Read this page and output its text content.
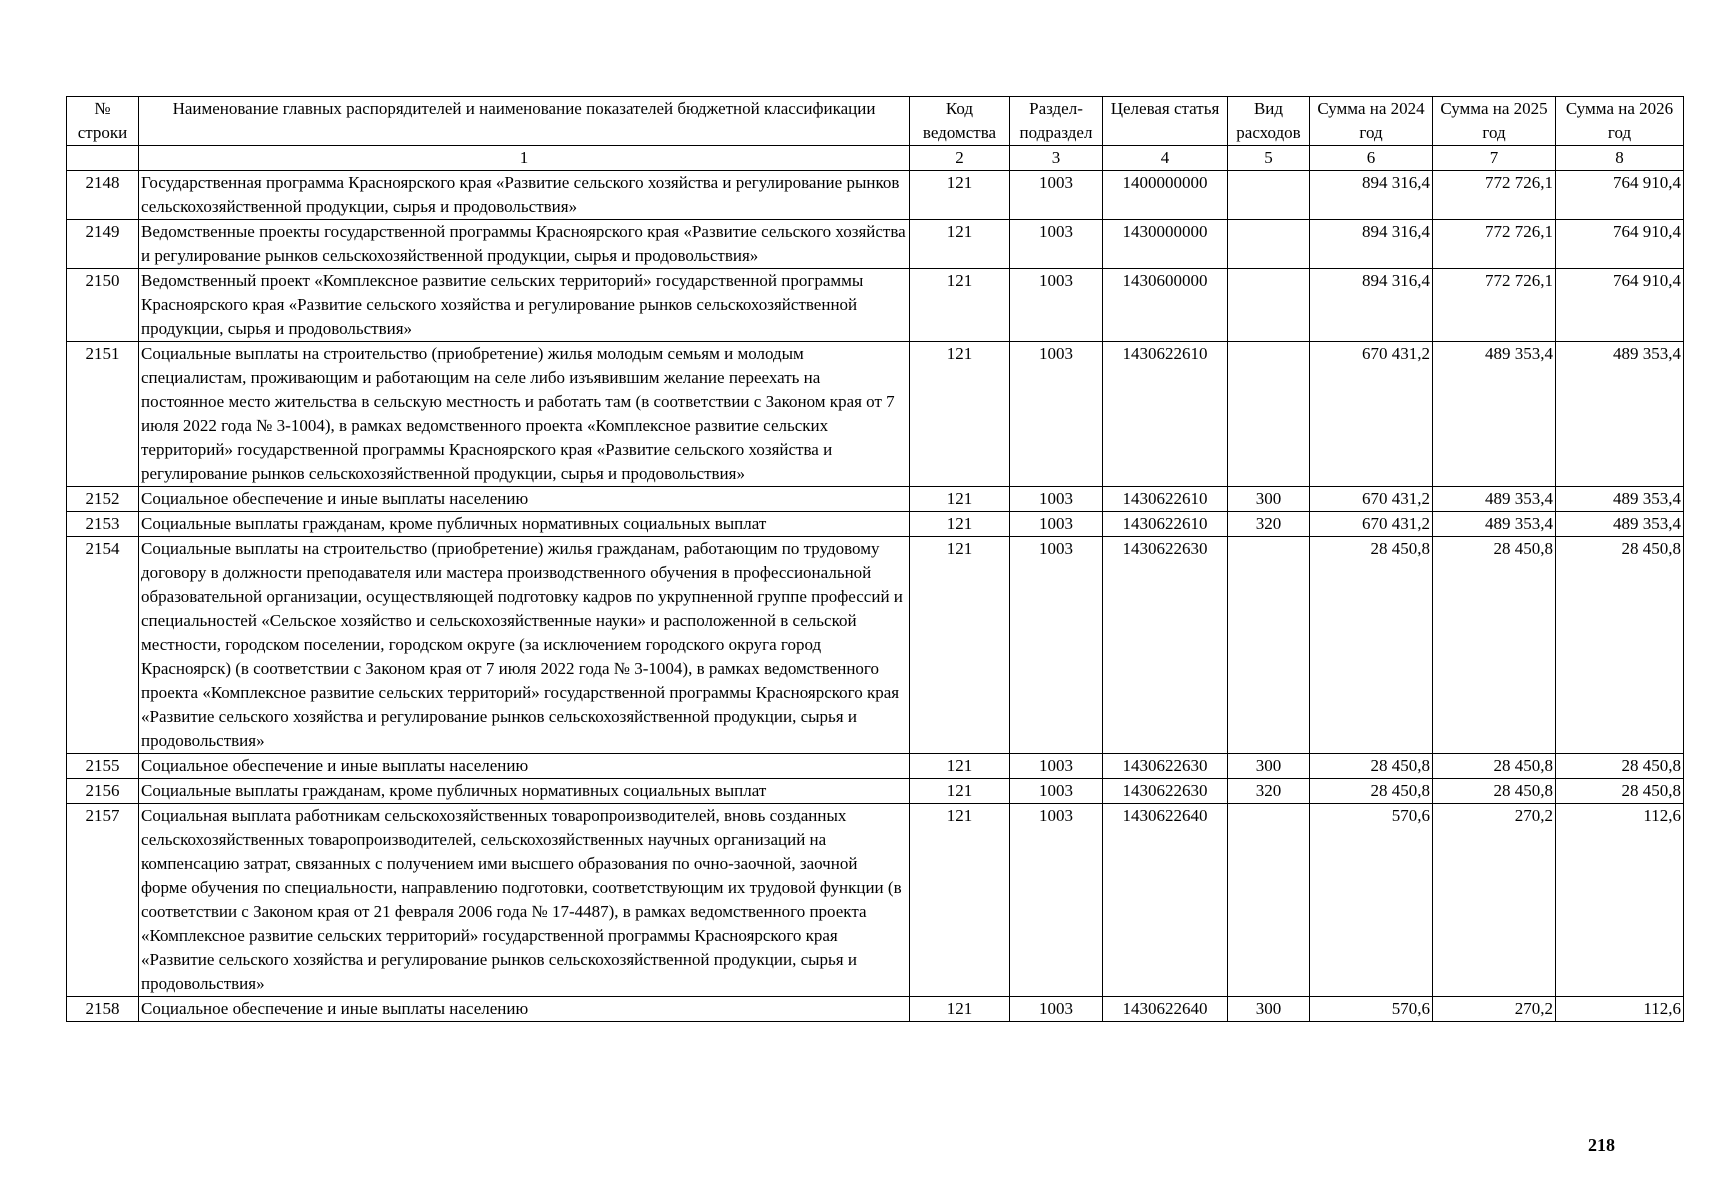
№ строки	Наименование главных распорядителей и наименование показателей бюджетной классификации	Код ведомства	Раздел-подраздел	Целевая статья	Вид расходов	Сумма на 2024 год	Сумма на 2025 год	Сумма на 2026 год
	1	2	3	4	5	6	7	8
2148	Государственная программа Красноярского края «Развитие сельского хозяйства и регулирование рынков сельскохозяйственной продукции, сырья и продовольствия»	121	1003	1400000000		894 316,4	772 726,1	764 910,4
2149	Ведомственные проекты государственной программы Красноярского края «Развитие сельского хозяйства и регулирование рынков сельскохозяйственной продукции, сырья и продовольствия»	121	1003	1430000000		894 316,4	772 726,1	764 910,4
2150	Ведомственный проект «Комплексное развитие сельских территорий» государственной программы Красноярского края «Развитие сельского хозяйства и регулирование рынков сельскохозяйственной продукции, сырья и продовольствия»	121	1003	1430600000		894 316,4	772 726,1	764 910,4
2151	Социальные выплаты на строительство (приобретение) жилья молодым семьям и молодым специалистам, проживающим и работающим на селе либо изъявившим желание переехать на постоянное место жительства в сельскую местность и работать там (в соответствии с Законом края от 7 июля 2022 года № 3-1004), в рамках ведомственного проекта «Комплексное развитие сельских территорий» государственной программы Красноярского края «Развитие сельского хозяйства и регулирование рынков сельскохозяйственной продукции, сырья и продовольствия»	121	1003	1430622610		670 431,2	489 353,4	489 353,4
2152	Социальное обеспечение и иные выплаты населению	121	1003	1430622610	300	670 431,2	489 353,4	489 353,4
2153	Социальные выплаты гражданам, кроме публичных нормативных социальных выплат	121	1003	1430622610	320	670 431,2	489 353,4	489 353,4
2154	Социальные выплаты на строительство (приобретение) жилья гражданам, работающим по трудовому договору в должности преподавателя или мастера производственного обучения в профессиональной образовательной организации, осуществляющей подготовку кадров по укрупненной группе профессий и специальностей «Сельское хозяйство и сельскохозяйственные науки» и расположенной в сельской местности, городском поселении, городском округе (за исключением городского округа город Красноярск) (в соответствии с Законом края от 7 июля 2022 года № 3-1004), в рамках ведомственного проекта «Комплексное развитие сельских территорий» государственной программы Красноярского края «Развитие сельского хозяйства и регулирование рынков сельскохозяйственной продукции, сырья и продовольствия»	121	1003	1430622630		28 450,8	28 450,8	28 450,8
2155	Социальное обеспечение и иные выплаты населению	121	1003	1430622630	300	28 450,8	28 450,8	28 450,8
2156	Социальные выплаты гражданам, кроме публичных нормативных социальных выплат	121	1003	1430622630	320	28 450,8	28 450,8	28 450,8
2157	Социальная выплата работникам сельскохозяйственных товаропроизводителей, вновь созданных сельскохозяйственных товаропроизводителей, сельскохозяйственных научных организаций на компенсацию затрат, связанных с получением ими высшего образования по очно-заочной, заочной форме обучения по специальности, направлению подготовки, соответствующим их трудовой функции (в соответствии с Законом края от 21 февраля 2006 года № 17-4487), в рамках ведомственного проекта «Комплексное развитие сельских территорий» государственной программы Красноярского края «Развитие сельского хозяйства и регулирование рынков сельскохозяйственной продукции, сырья и продовольствия»	121	1003	1430622640		570,6	270,2	112,6
2158	Социальное обеспечение и иные выплаты населению	121	1003	1430622640	300	570,6	270,2	112,6
218
